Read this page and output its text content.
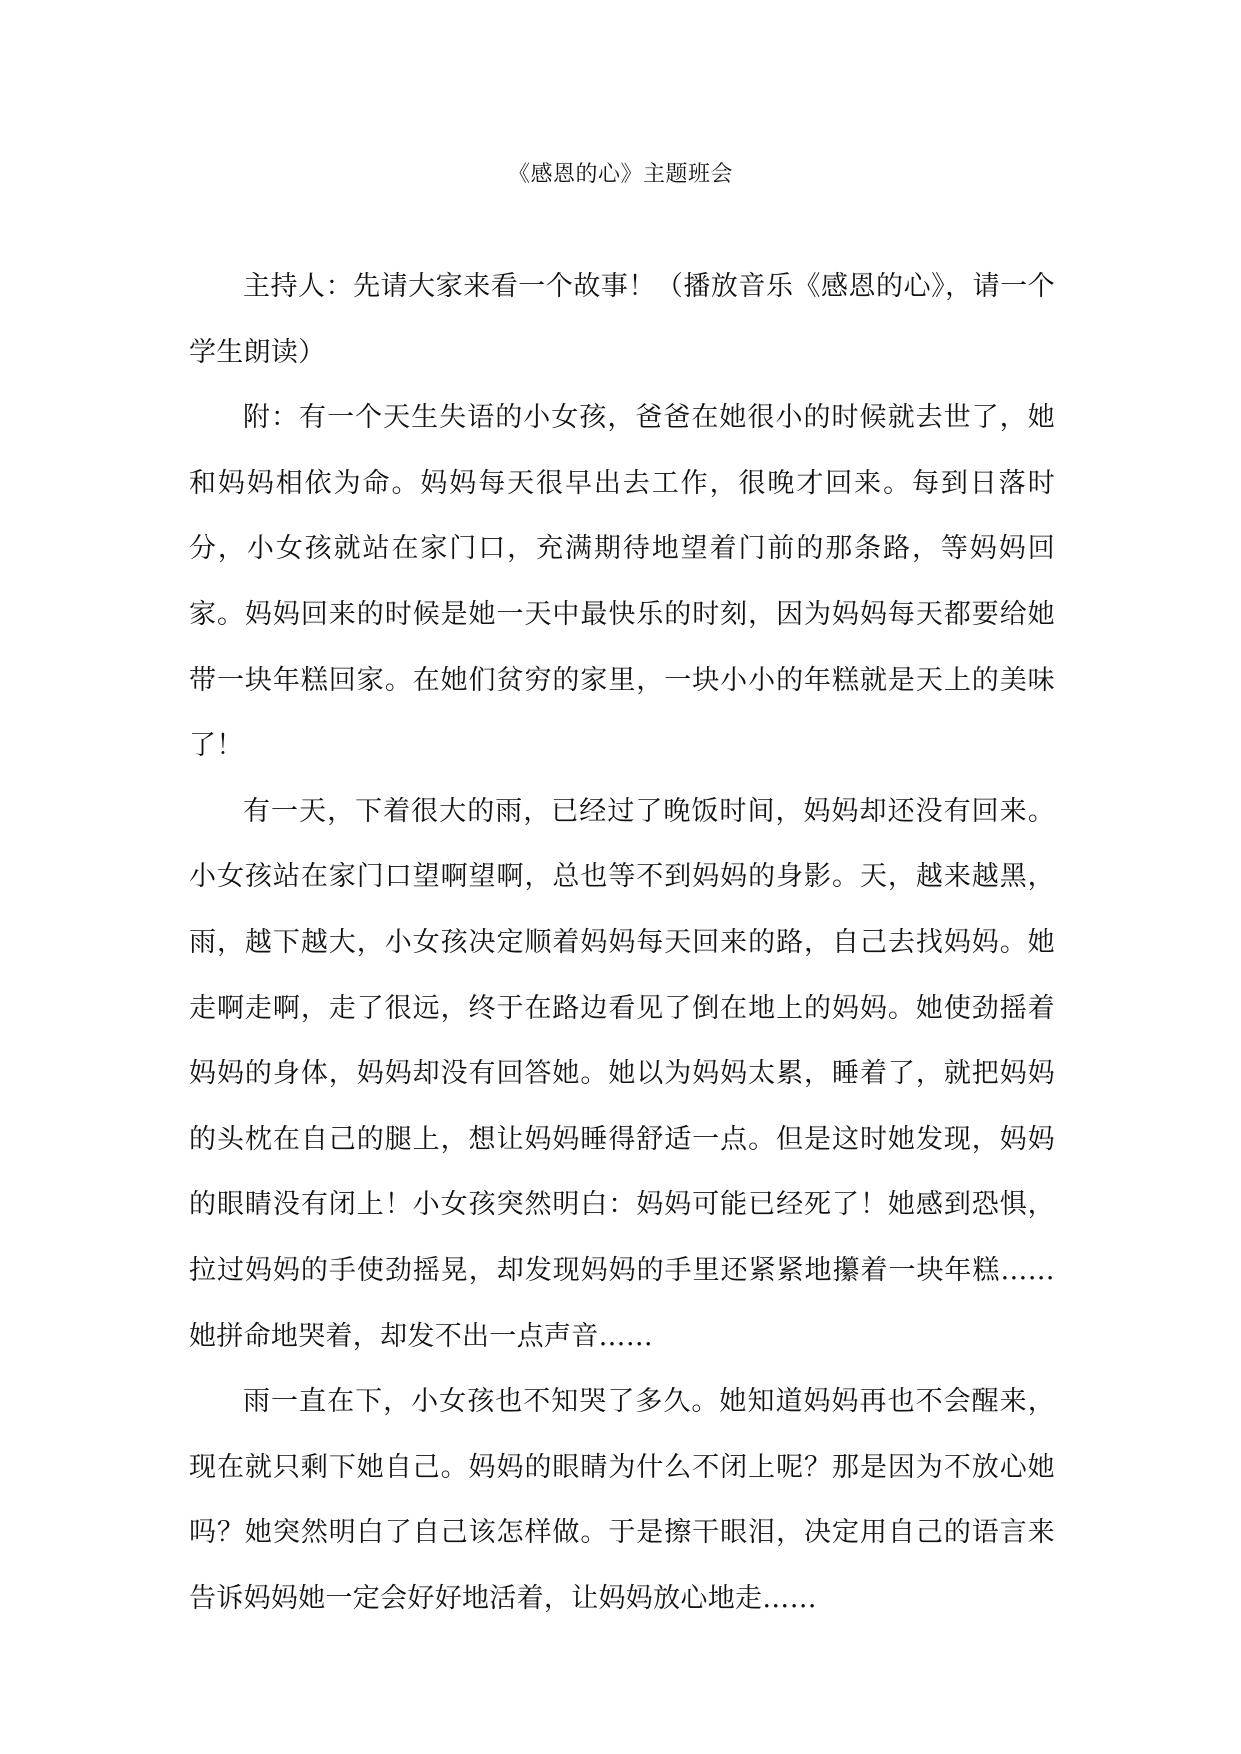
《感恩的心》主题班会

主持人：先请大家来看一个故事！（播放音乐《感恩的心》，请一个学生朗读）

附：有一个天生失语的小女孩，爸爸在她很小的时候就去世了，她和妈妈相依为命。妈妈每天很早出去工作，很晚才回来。每到日落时分，小女孩就站在家门口，充满期待地望着门前的那条路，等妈妈回家。妈妈回来的时候是她一天中最快乐的时刻，因为妈妈每天都要给她带一块年糕回家。在她们贫穷的家里，一块小小的年糕就是天上的美味了！

有一天，下着很大的雨，已经过了晚饭时间，妈妈却还没有回来。小女孩站在家门口望啊望啊，总也等不到妈妈的身影。天，越来越黑，雨，越下越大，小女孩决定顺着妈妈每天回来的路，自己去找妈妈。她走啊走啊，走了很远，终于在路边看见了倒在地上的妈妈。她使劲摇着妈妈的身体，妈妈却没有回答她。她以为妈妈太累，睡着了，就把妈妈的头枕在自己的腿上，想让妈妈睡得舒适一点。但是这时她发现，妈妈的眼睛没有闭上！小女孩突然明白：妈妈可能已经死了！她感到恐惧，拉过妈妈的手使劲摇晃，却发现妈妈的手里还紧紧地攥着一块年糕……她拼命地哭着，却发不出一点声音……

雨一直在下，小女孩也不知哭了多久。她知道妈妈再也不会醒来，现在就只剩下她自己。妈妈的眼睛为什么不闭上呢？那是因为不放心她吗？她突然明白了自己该怎样做。于是擦干眼泪，决定用自己的语言来告诉妈妈她一定会好好地活着，让妈妈放心地走……
